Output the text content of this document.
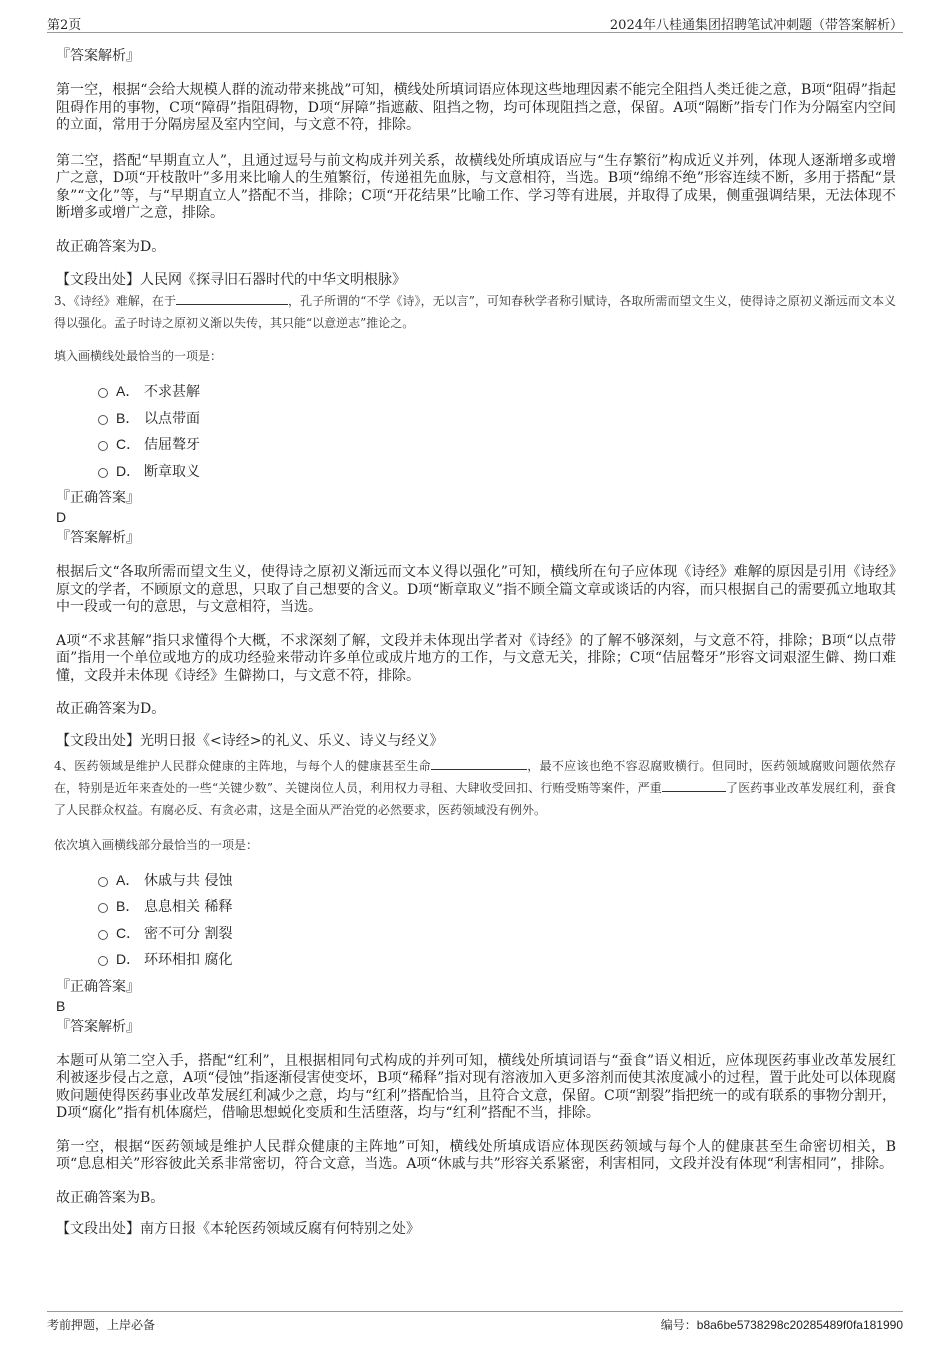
第2页	2024年八桂通集团招聘笔试冲刺题（带答案解析）

『答案解析』

第一空，根据“会给大规模人群的流动带来挑战”可知，横线处所填词语应体现这些地理因素不能完全阻挡人类迁徙之意，B项“阻碍”指起阻碍作用的事物，C项“障碍”指阻碍物，D项“屏障”指遮蔽、阻挡之物，均可体现阻挡之意，保留。A项“隔断”指专门作为分隔室内空间的立面，常用于分隔房屋及室内空间，与文意不符，排除。

第二空，搭配“早期直立人”，且通过逗号与前文构成并列关系，故横线处所填成语应与“生存繁衍”构成近义并列，体现人逐渐增多或增广之意，D项“开枝散叶”多用来比喻人的生殖繁衍，传递祖先血脉，与文意相符，当选。B项“绵绵不绝”形容连续不断，多用于搭配“景象”“文化”等，与“早期直立人”搭配不当，排除；C项“开花结果”比喻工作、学习等有进展，并取得了成果，侧重强调结果，无法体现不断增多或增广之意，排除。

故正确答案为D。

【文段出处】人民网《探寻旧石器时代的中华文明根脉》

3、《诗经》难解，在于	，孔子所谓的“不学《诗》，无以言”，可知春秋学者称引赋诗，各取所需而望文生义，使得诗之原初义渐远而文本义得以强化。孟子时诗之原初义渐以失传，其只能“以意逆志”推论之。

填入画横线处最恰当的一项是：

A． 不求甚解
B． 以点带面
C． 佶屈聱牙
D． 断章取义

『正确答案』

D

『答案解析』

根据后文“各取所需而望文生义，使得诗之原初义渐远而文本义得以强化”可知，横线所在句子应体现《诗经》难解的原因是引用《诗经》原文的学者，不顾原文的意思，只取了自己想要的含义。D项“断章取义”指不顾全篇文章或谈话的内容，而只根据自己的需要孤立地取其中一段或一句的意思，与文意相符，当选。

A项“不求甚解”指只求懂得个大概，不求深刻了解，文段并未体现出学者对《诗经》的了解不够深刻，与文意不符，排除；B项“以点带面”指用一个单位或地方的成功经验来带动许多单位或成片地方的工作，与文意无关，排除；C项“佶屈聱牙”形容文词艰涩生僻、拗口难懂，文段并未体现《诗经》生僻拗口，与文意不符，排除。

故正确答案为D。

【文段出处】光明日报《<诗经>的礼义、乐义、诗义与经义》

4、医药领域是维护人民群众健康的主阵地，与每个人的健康甚至生命	，最不应该也绝不容忍腐败横行。但同时，医药领域腐败问题依然存在，特别是近年来查处的一些“关键少数”、关键岗位人员，利用权力寻租、大肆收受回扣、行贿受贿等案件，严重	了医药事业改革发展红利，蚕食了人民群众权益。有腐必反、有贪必肃，这是全面从严治党的必然要求，医药领域没有例外。

依次填入画横线部分最恰当的一项是：

A． 休戚与共 侵蚀
B． 息息相关 稀释
C． 密不可分 割裂
D． 环环相扣 腐化

『正确答案』

B

『答案解析』

本题可从第二空入手，搭配“红利”，且根据相同句式构成的并列可知，横线处所填词语与“蚕食”语义相近，应体现医药事业改革发展红利被逐步侵占之意，A项“侵蚀”指逐渐侵害使变坏，B项“稀释”指对现有溶液加入更多溶剂而使其浓度减小的过程，置于此处可以体现腐败问题使得医药事业改革发展红利减少之意，均与“红利”搭配恰当，且符合文意，保留。C项“割裂”指把统一的或有联系的事物分割开，D项“腐化”指有机体腐烂，借喻思想蜕化变质和生活堕落，均与“红利”搭配不当，排除。

第一空，根据“医药领域是维护人民群众健康的主阵地”可知，横线处所填成语应体现医药领域与每个人的健康甚至生命密切相关，B项“息息相关”形容彼此关系非常密切，符合文意，当选。A项“休戚与共”形容关系紧密，利害相同，文段并没有体现“利害相同”，排除。

故正确答案为B。

【文段出处】南方日报《本轮医药领域反腐有何特别之处》

考前押题，上岸必备	编号：b8a6be5738298c20285489f0fa181990
